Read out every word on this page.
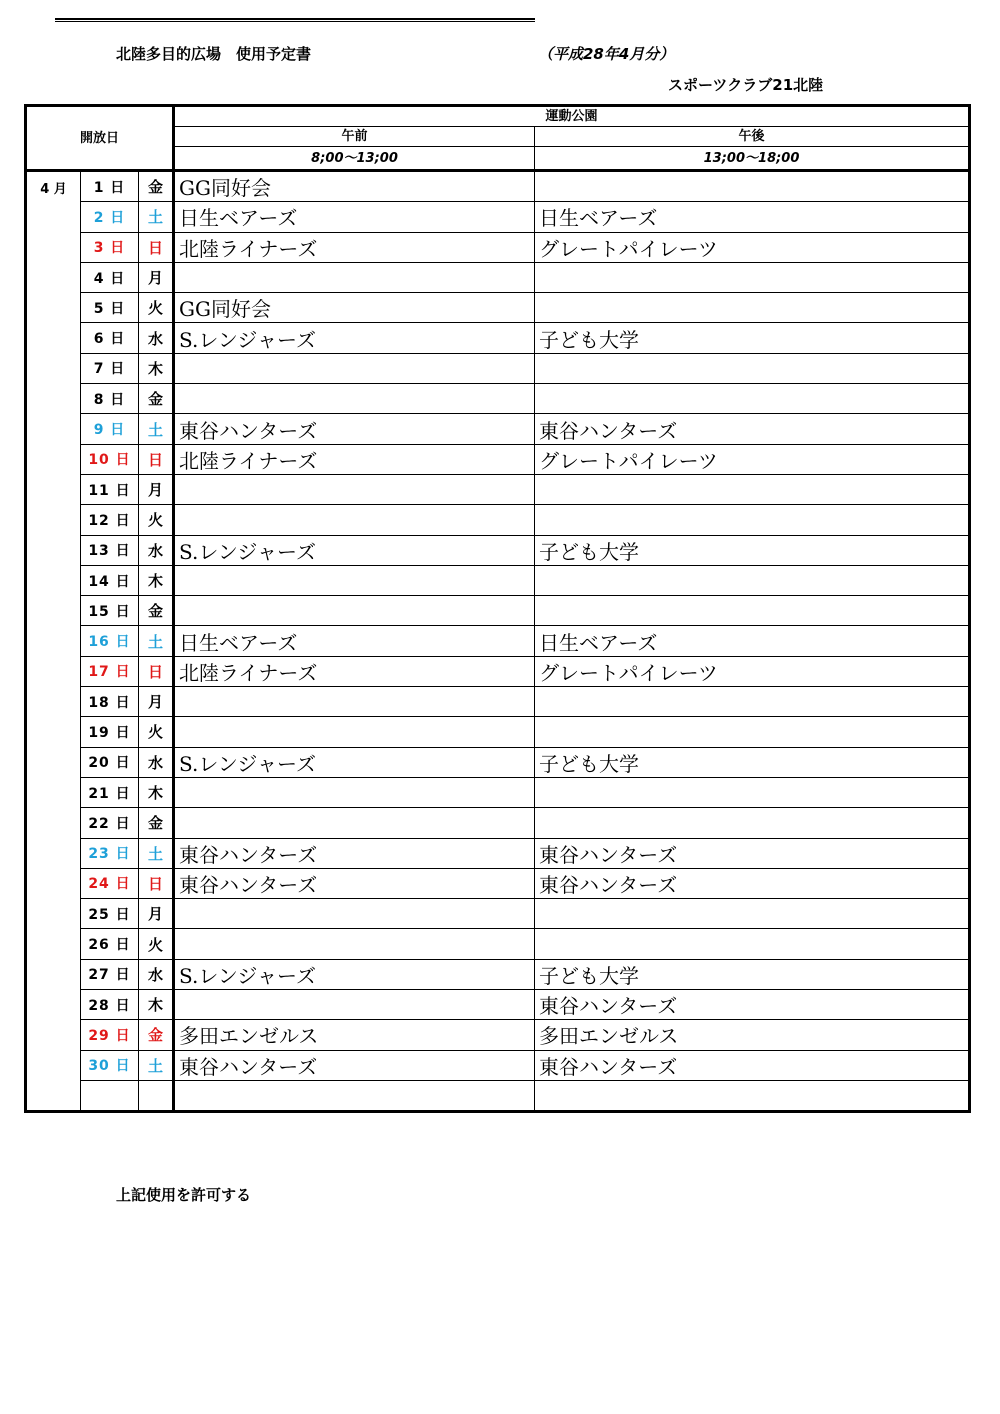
北陸多目的広場　使用予定書	（平成28年4月分）
スポーツクラブ21北陸
開放日			運動公園	
			午前	午後
			8;00～13;00	13;00～18;00
4 月	1 日	金	GG同好会	
	2 日	土	日生ベアーズ	日生ベアーズ
	3 日	日	北陸ライナーズ	グレートパイレーツ
	4 日	月		
	5 日	火	GG同好会	
	6 日	水	S.レンジャーズ	子ども大学
	7 日	木		
	8 日	金		
	9 日	土	東谷ハンターズ	東谷ハンターズ
	10 日	日	北陸ライナーズ	グレートパイレーツ
	11 日	月		
	12 日	火		
	13 日	水	S.レンジャーズ	子ども大学
	14 日	木		
	15 日	金		
	16 日	土	日生ベアーズ	日生ベアーズ
	17 日	日	北陸ライナーズ	グレートパイレーツ
	18 日	月		
	19 日	火		
	20 日	水	S.レンジャーズ	子ども大学
	21 日	木		
	22 日	金		
	23 日	土	東谷ハンターズ	東谷ハンターズ
	24 日	日	東谷ハンターズ	東谷ハンターズ
	25 日	月		
	26 日	火		
	27 日	水	S.レンジャーズ	子ども大学
	28 日	木		東谷ハンターズ
	29 日	金	多田エンゼルス	多田エンゼルス
	30 日	土	東谷ハンターズ	東谷ハンターズ

上記使用を許可する
